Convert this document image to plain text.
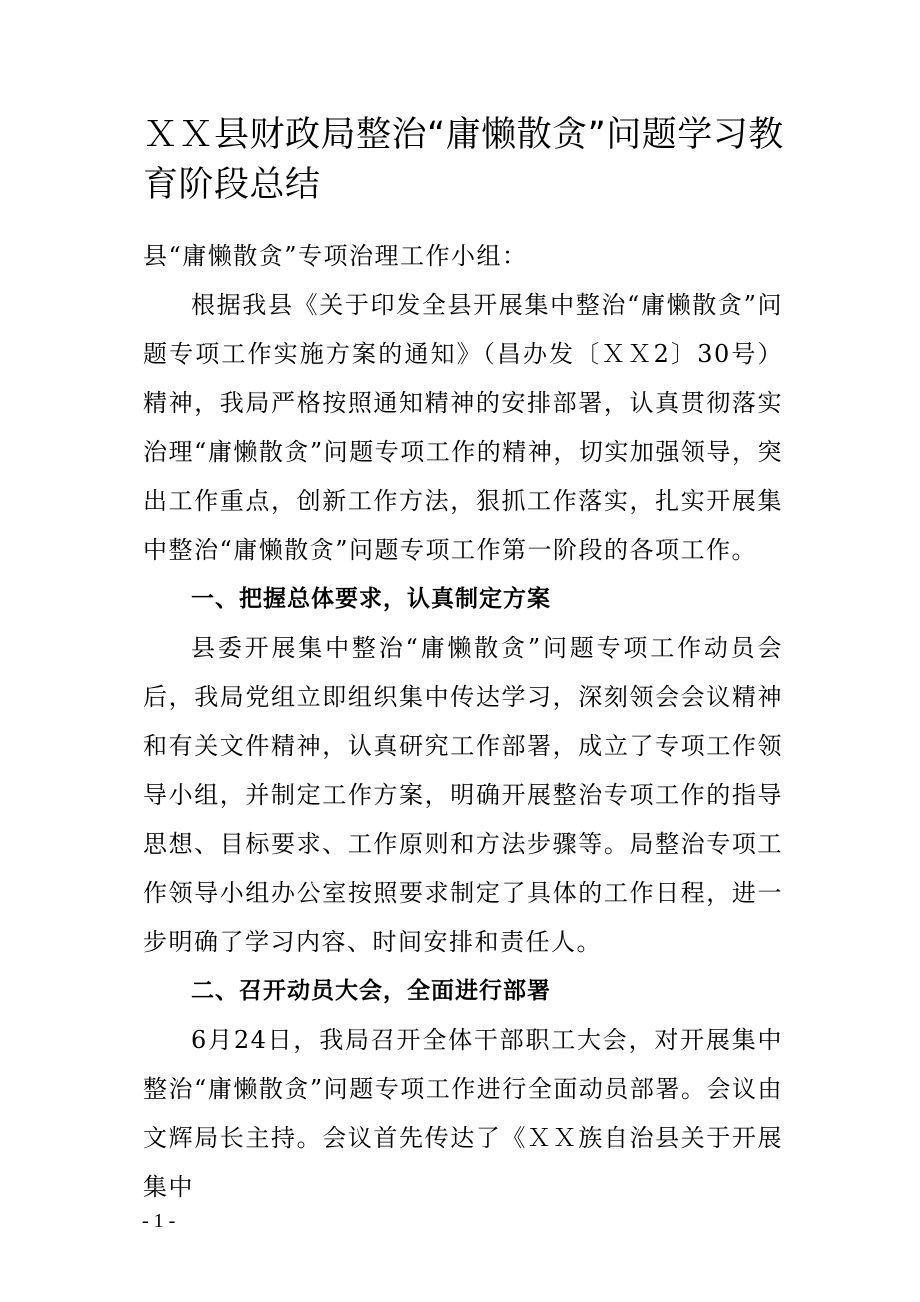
ＸＸ县财政局整治“庸懒散贪”问题学习教育阶段总结

县“庸懒散贪”专项治理工作小组：

根据我县《关于印发全县开展集中整治“庸懒散贪”问题专项工作实施方案的通知》（昌办发〔ＸＸ2〕30号）精神，我局严格按照通知精神的安排部署，认真贯彻落实治理“庸懒散贪”问题专项工作的精神，切实加强领导，突出工作重点，创新工作方法，狠抓工作落实，扎实开展集中整治“庸懒散贪”问题专项工作第一阶段的各项工作。

一、把握总体要求，认真制定方案

县委开展集中整治“庸懒散贪”问题专项工作动员会后，我局党组立即组织集中传达学习，深刻领会会议精神和有关文件精神，认真研究工作部署，成立了专项工作领导小组，并制定工作方案，明确开展整治专项工作的指导思想、目标要求、工作原则和方法步骤等。局整治专项工作领导小组办公室按照要求制定了具体的工作日程，进一步明确了学习内容、时间安排和责任人。

二、召开动员大会，全面进行部署

6月24日，我局召开全体干部职工大会，对开展集中整治“庸懒散贪”问题专项工作进行全面动员部署。会议由文辉局长主持。会议首先传达了《ＸＸ族自治县关于开展集中

- 1 -
